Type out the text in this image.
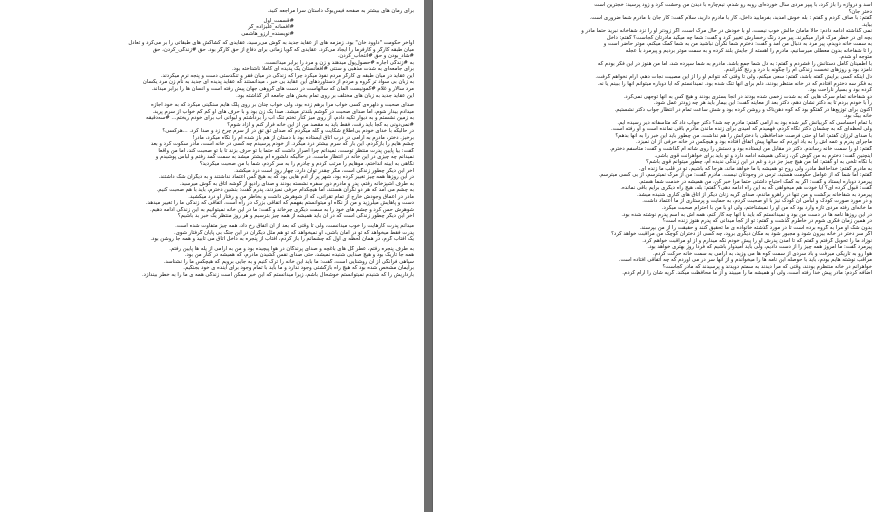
برای رمان های بیشتر به صفحه فیس‌بوک داستان سرا مراجعه کنید.
#قسمت_اول
#افسانه_علیزاده_گر
#نویسنده_آرزو_هاشمی
اواخر حکومت "داوود خان" بود. زمزمه های از عقاید جدید به گوش می‌رسید، عقایدی که کشاکش های طبقاتی را بر می‌کرد و تعادل
میان طبقه کارگر و کارفرما را ایجاد می‌کرد. عقایدی که گویا زمانی برای دفاع از حق کارگر بود. حق #زندگی_کردن، حق
#شاد_بودن و حق #انتخاب_کردن.
به #زندگی اجاره #حصول‌پول میدهند و زن و مرد را برابر میدانست.
برای جامعه‌ای به شدت مذهبی و سنتی #افغانستان یک پدیده ای کاملا ناشناخته بود.
این عقاید در میان طبقه ی کارگر مردم نفوذ میکرد چرا که زندگی در میان فقر و تنگدستی دست و پنجه نرم میکردند.
به زبان بی سواد تر گروه و مردم از دستاوردهای این عقاید بی خبر ، میدانستند که عقاید پدیده ای جدید به نام زن مرد یکسان
مرد سالار و غلام #کمونیست آلمان که سالهاست در دست های گروهی جهان پیش رفته است و انسان ها را برابر میداند.
این عقاید جدید به زبان های مختلف بر روی تمام بخش های جامعه اثر گذاشته بود.
صدای صحبت و دلهره‌ی کسی خواب مرا برهم زده بود، ولی خواب چنان بر روی پلک هایم سنگینی میکرد که به خود اجازه
میدادم بیدار شوم، اما صدای صحبت در گوشم بلندتر میشد. صدا یک زن بود و با حرف های او کم کم خواب از سرم پرید.
به زمین نشستم و به دیوار تکیه دادم، از روی میز کنار تختم تنگ آب را برداشتم و لیوانی آب برای خودم ریختم... #سه‌دقیقه
#نمی‌دونی به کجا باید رفت، فقط باید به مقصد من از این خانه فرار کنم و آزاد شوم؟
در حالیکه با خدای خودم بی‌اطلاع شکایت و گله میکردم که صدای تق تق در از سرم چرخ زد و صدا کرد. ...هرکسی؟
برخیز. دختر، مادرم به آرامی در درب اتاق ایستاده بود با دستان از هم باز شده ام را نگاه میکرد، مادر!
چشم هایم را بازکردم. این بار که سرم بیشتر درد میکرد. از خودم پرسیدم چه کسی در خانه است، مادر سکوت کرد و بعد
گفت: بیا پایین پدرت منتظر توست، نمیدانم چرا اصرار داشت که حتما با تو حرف بزند تا با تو صحبت کند، اما من واقعا
نمیدانم چه چیزی در این خانه در انتظار ماست. در حالیکه دلشوره ام بیشتر میشد به سمت کمد رفتم و لباس پوشیدم و
نگاهی به آیینه انداختم، موهایم را مرتب کردم و چادرم را به سر کردم، شما با من صحبت میکردید؟
آخر این دیگر چطور زندگی است، مگر چقدر توان دارد، چهار روز است درد میکشد.
در این روزها همه چیز تغییر کرده بود، شهر پر از آدم هایی بود که به هیچ کس اعتماد نداشتند و به دیگران شک داشتند.
به طرف آشپزخانه رفتم، پدر و مادرم دور سفره نشسته بودند و صدای رادیو از گوشه اتاق به گوش میرسید.
به چشم می آمد که هر دو نگران هستند، اما هیچکدام حرفی نمیزدند، پدرم گفت: بنشین دخترم، باید با هم صحبت کنیم.
مادر در اعماق وجودش خارج از تمام تقرانی، که از شوهرش داشت و بخاطر من و رفتار او درد میکشید.
دست و پاهایش میلرزید و من از نگاه او میتوانستم بفهمم که اتفاقی بزرگ در راه است، اتفاقی که زندگی ما را تغییر میدهد.
شوهرش حس کرد و چشم های خود را به سمت دیگری چرخاند و گفت: ما در این خانه نمیتوانیم به این زندگی ادامه دهیم.
آخر این دیگر چطور زندگی است که در آن باید همیشه از همه چیز بترسیم و هر روز منتظر یک خبر بد باشیم؟
میدانم پدرت کارهایت را خوب میدانست، ولی تا وقتی که بعد از آن اتفاق رخ داد، همه چیز متفاوت شده است.
پدرت فقط میخواهد که تو در امان باشی، او نمیخواهد که تو هم مثل دیگران در این جنگ بی پایان گرفتار شوی.
یک آفتاب گرم، در همان لحظه ی اول که چشمانم را باز کردم، آفتاب از پنجره به داخل اتاق می تابید و همه جا روشن بود.
به طرف پنجره رفتم، عطر گل های باغچه و صدای پرندگان در هوا پیچیده بود و من به آرامی از پله ها پایین رفتم.
همه جا تاریک بود و هیچ صدایی شنیده نمیشد، حتی صدای نفس کشیدن مادرم، که همیشه در کنار من بود.
سپاهی فرانگی از آن روشنایی است، گفت: ما باید این خانه را ترک کنیم و به جایی برویم که هیچکس ما را نشناسد.
برایمان مشخص شده بود که هیچ راه بازگشتی وجود ندارد و ما باید با تمام وجود برای آینده ی خود بجنگیم.
بارداریش را که شنیدم نمیتوانستم خوشحال باشم، زیرا میدانستم که این خبر ممکن است زندگی همه ی ما را به خطر بیندازد.
اسد و دروازه را باز کرد، با پیپر مردی سال خورده‌ای روبه رو شدم، نیم‌چاره با دیدن من وحشت کرد و زود پرسید: خجترین است
دختر جان؟
گفتم: با صاف کردم و گفتم : بله خوش آمدید، بفرمایید داخل، کار با مادرم دارید، سلام گفت: کار جان با مادرم شما ضروری است.
بیاید.
نمی گذاشته ادامه دادم: حالا مامان حالش خوب نیست، او با خودش در حال مرگ است، اگر زودتر او را نزد شفاخانه نبرید حتما مادر و
بچه ای در خطر مرگ قرار میگیرند. پیر مرد رنگ رخسارش تغییر کرد و گفت: شما چه میگید مادرتان کجاست؟ گفتم: داخل
به سمت خانه دویدم، پیر مرد به دنبال من آمد و گفت: دخترم شما نگران نباشید من به شما کمک میکنم، موتر حاضر است و
را تا شفاخانه بدون معطلی میرسانیم، مادرم را آهسته از جایش بلند کرده و به سمت موتر بردیم و پیرمرد با عجله
متوجه او شدم.
با اطمینان کامل دستانش را فشردم و گفتم: به دل شما جمع باشد. مادرم به شما سپرده شد، اما من هنوز در این فکر بودم که
نامزد بود و روزهای نخست زندگی ام را چگونه با درد و رنج گذراندم.
دل اینکه کسی برایش گفته باشد، گفتم: سعی میکنم، ولی تا وقتی که نتوانم او را از این مصیبت نجات دهم، آرام نخواهم گرفت.
به فکر سه دخترم افتادم که در خانه منتظر بودند، دلم برای آنها تنگ شده بود. نمیدانستم که آیا دوباره میتوانم آنها را ببینم یا نه.
کرده بود و بسیار ناراحت بود.
دو شفاخانه تمام سرگ هایی که به شدت زخمی شده بودند در آنجا بستری بودند و هیچ کس به آنها توجهی نمی‌کرد.
را با خودم بردم تا به دکتر نشان دهم، دکتر بعد از معاینه گفت: این بیمار باید هر چه زودتر عمل شود.
اکنون برای توزیع‌ها در گفتگو بود که کوه دهن‌ناک و روشن کرده بود و شش ساعت تمام در انتظار جواب دکتر نشستیم.
خانه بیگ بود.
با تمام احساسی که گریبانش گیر شده بود به آرامی گفتم: مادرم چه شد؟ دکتر جواب داد که متاسفانه دیر رسیده ایم.
ولی لحظه‌ای که به چشمان دکتر نگاه کردم، فهمیدم که امیدی برای زنده ماندن مادرم باقی نمانده است و او رفته است.
با صدای لرزان گفتم: اما او حتی فرصت خداحافظی با دخترانش را هم نداشت، من چطور باید این خبر را به آنها بدهم؟
ماجرای پدرم و عمه اش را به یاد آوردم که سالها پیش اتفاق افتاده بود و هیچکس در خانه حرفی از آن نمیزد.
گفتم: او را سمت خانه رساندم. دکتر در مقابل من ایستاده بود و دستش را روی شانه ام گذاشت و گفت: متأسفم دخترم.
اینچنین گفت: دخترم به من گوش کن، زندگی همیشه ادامه دارد و تو باید برای خواهرانت قوی باشی.
با نگاه تلخی به او گفتم: اما من هیچ چیز جز درد و غم در این زندگی ندیده ام، چطور میتوانم قوی باشم؟
به مادرم گفتم: خداحافظ مادر، ولی روح تو همیشه با ما خواهد ماند، هرجا که باشیم، تو در قلب ما زنده ای.
گفتم: اما شما که از عوامل حکومت هستید، ترس در وجودتان نیست. مادرم گفت: من از مرگ نمیترسم، از بی کسی میترسم.
پیرمرد دوباره ایستاد و گفت: اگر به کمک احتیاج داشتی حتما مرا خبر کن، من همیشه در خدمت شما هستم.
گفت: قبول کرده ای؟ آیا خودت هم میخواهی که به این راه ادامه دهی؟ گفتم: بله، هیچ راه دیگری برایم باقی نمانده.
پیرمرد به شفاخانه برگشت و من تنها در راهرو ماندم، صدای گریه زنان دیگر از اتاق های کناری شنیده میشد.
و در مورد صورت کودک و لباس آن کودک نیز با او صحبت کردم، به حمایت و پرستاری از ما اعتماد داشت.
ما خانه‌ای رفته مردی تازه وارد بود که من او را نمیشناختم، ولی او با من با احترام صحبت میکرد.
در این روزها نامه ها در دست من بود و نمیدانستم که باید با آنها چه کار کنم، همه اش به اسم پدرم نوشته شده بود.
در همین زمان فکری شوم در خاطرم گذشت و گفتم: تو از کجا میدانی که پدرم هنوز زنده است؟
بدون شک او مرا به گروه برده است تا در مورد گذشته خانواده ی ما تحقیق کنند و حقیقت را از من بپرسند.
اگر سر دختر در خانه بیرون شود و مجبور شود به مکان دیگری برود، چه کسی از دختران کوچک من مراقبت خواهد کرد؟
نوزاد ما را تحویل گرفتم و گفتم که تا آمدن پدرش او را پیش خودم نگه میدارم و از او مراقبت خواهم کرد.
پیرمرد گفت: ما امروز همه چیز را از دست دادیم، ولی باید امیدوار باشیم که فردا روز بهتری خواهد بود.
هوا رو به تاریکی میرفت و باد سردی از سمت کوه ها می وزید، به آرامی به سمت خانه حرکت کردم.
مراقب نوشته هایم بودم، باید با حوصله این نامه ها را میخواندم و از آنها سر در می آوردم که چه اتفاقی افتاده است.
خواهرانم در خانه منتظرم بودند، وقتی که مرا دیدند به سمتم دویدند و پرسیدند که مادر کجاست؟
اضافه کردم: مادر پیش خدا رفته است، ولی او همیشه ما را میبیند و از ما محافظت میکند. گریه شان را آرام کردم.
